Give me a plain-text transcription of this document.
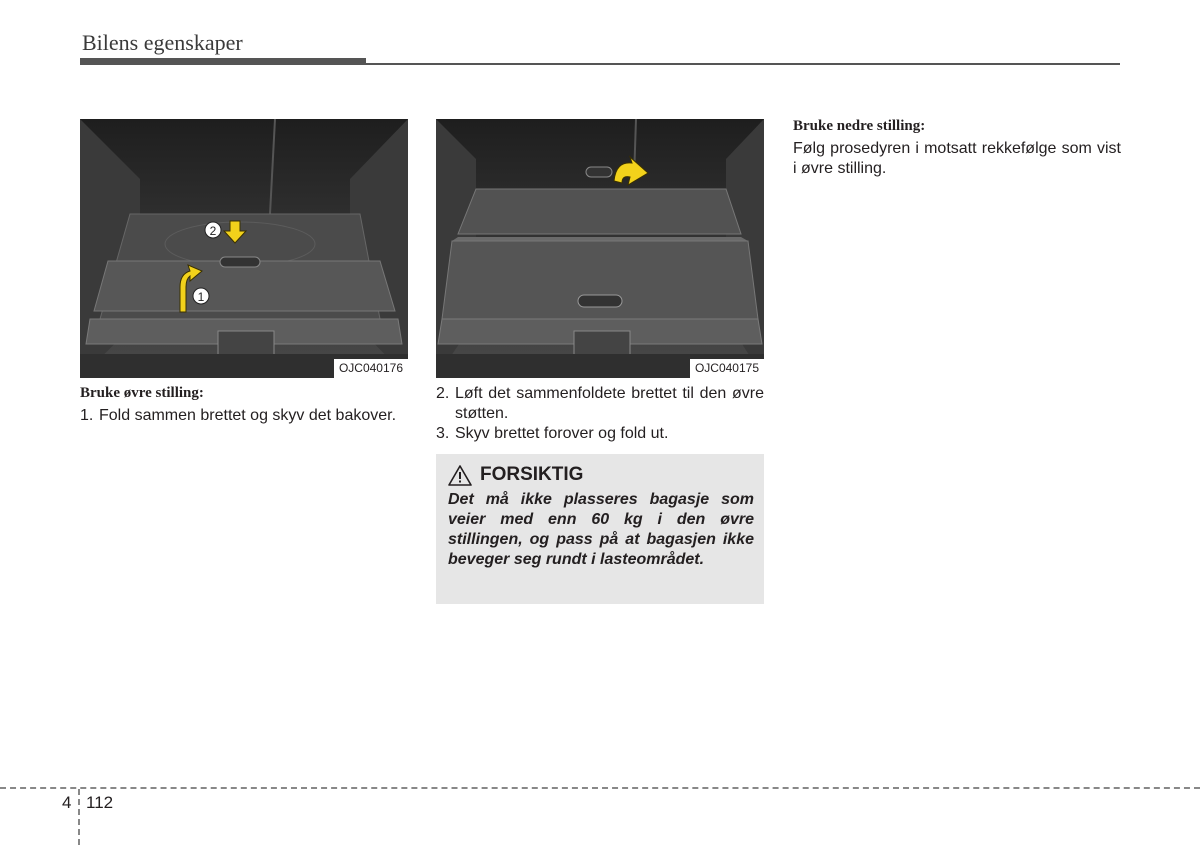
Bilens egenskaper
1
2
OJC040176	OJC040175
Bruke øvre stilling:
1. Fold sammen brettet og skyv det bakover.
2. Løft det sammenfoldete brettet til den øvre støtten.
3. Skyv brettet forover og fold ut.
FORSIKTIG
Det må ikke plasseres bagasje som veier med enn 60 kg i den øvre stillingen, og pass på at bagasjen ikke beveger seg rundt i lasteområdet.
Bruke nedre stilling:
Følg prosedyren i motsatt rekkefølge som vist i øvre stilling.
4 112
